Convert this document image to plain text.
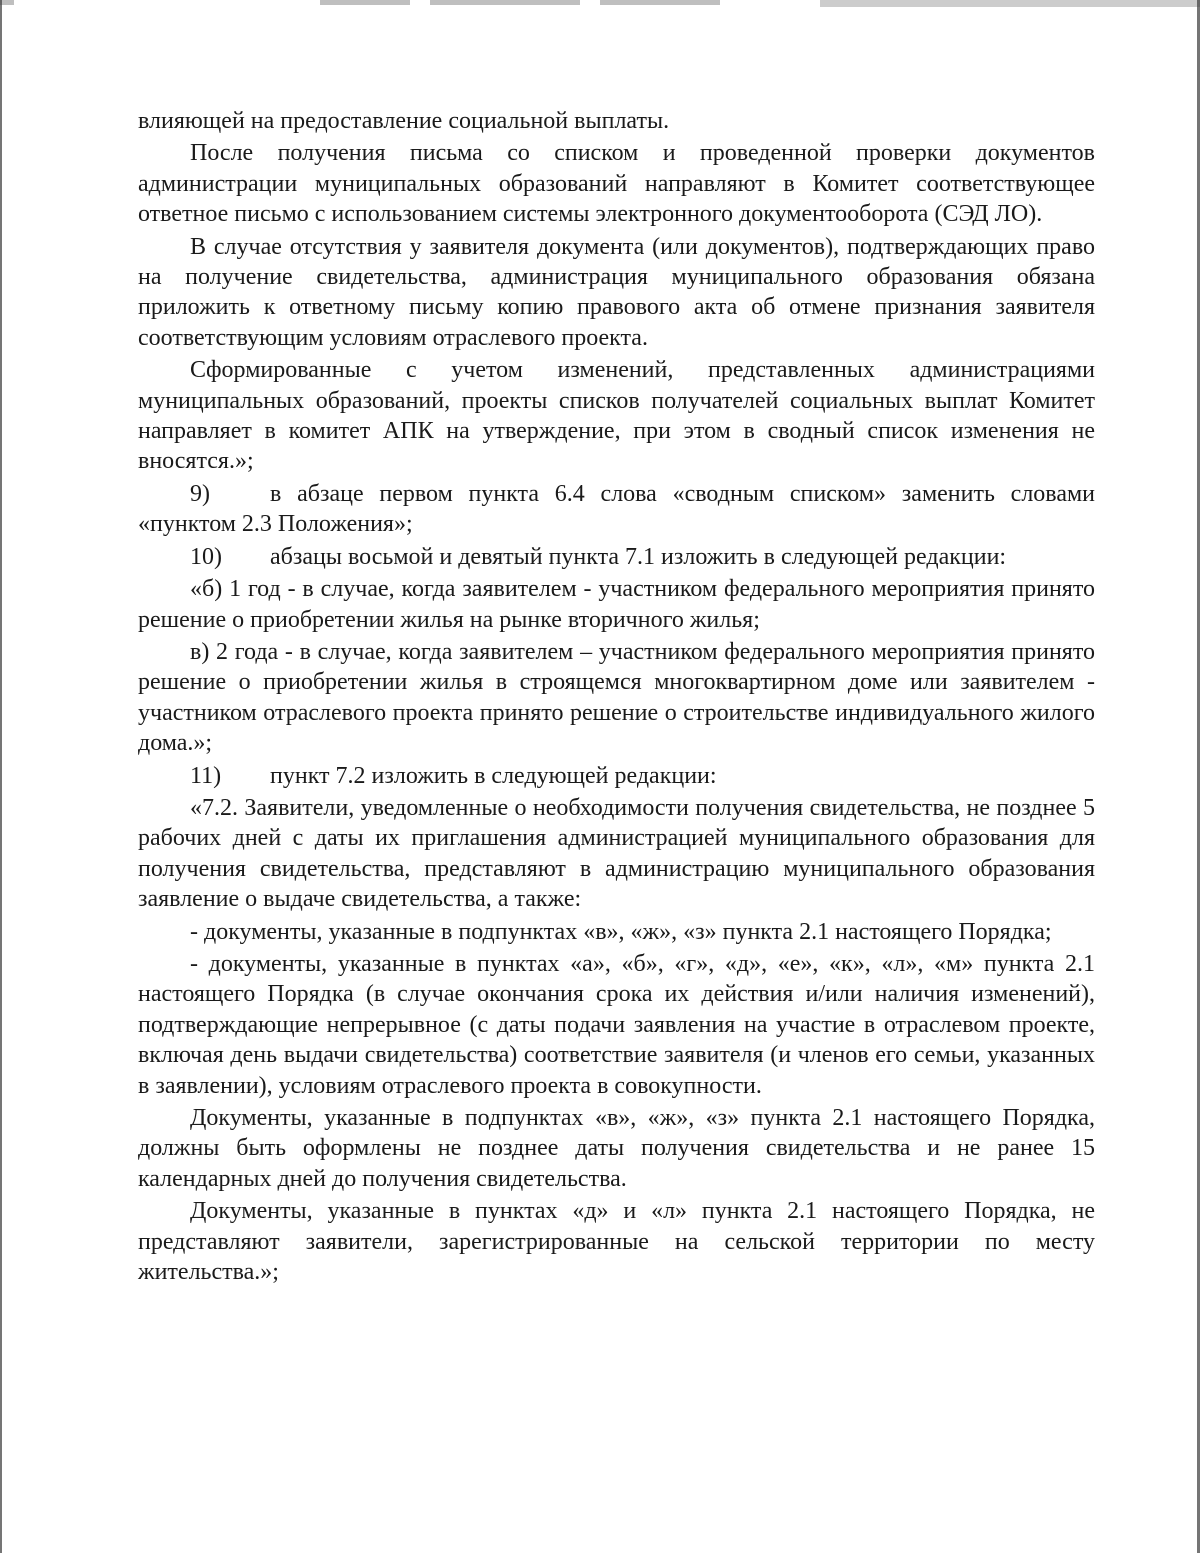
влияющей на предоставление социальной выплаты.

После получения письма со списком и проведенной проверки документов администрации муниципальных образований направляют в Комитет соответствующее ответное письмо с использованием системы электронного документооборота (СЭД ЛО).

В случае отсутствия у заявителя документа (или документов), подтверждающих право на получение свидетельства, администрация муниципального образования обязана приложить к ответному письму копию правового акта об отмене признания заявителя соответствующим условиям отраслевого проекта.

Сформированные с учетом изменений, представленных администрациями муниципальных образований, проекты списков получателей социальных выплат Комитет направляет в комитет АПК на утверждение, при этом в сводный список изменения не вносятся.»;

9)	в абзаце первом пункта 6.4 слова «сводным списком» заменить словами «пунктом 2.3 Положения»;

10) абзацы восьмой и девятый пункта 7.1 изложить в следующей редакции:

«б) 1 год - в случае, когда заявителем - участником федерального мероприятия принято решение о приобретении жилья на рынке вторичного жилья;

в) 2 года - в случае, когда заявителем – участником федерального мероприятия принято решение о приобретении жилья в строящемся многоквартирном доме или заявителем - участником отраслевого проекта принято решение о строительстве индивидуального жилого дома.»;

11) пункт 7.2 изложить в следующей редакции:

«7.2. Заявители, уведомленные о необходимости получения свидетельства, не позднее 5 рабочих дней с даты их приглашения администрацией муниципального образования для получения свидетельства, представляют в администрацию муниципального образования заявление о выдаче свидетельства, а также:

- документы, указанные в подпунктах «в», «ж», «з» пункта 2.1 настоящего Порядка;

- документы, указанные в пунктах «а», «б», «г», «д», «е», «к», «л», «м» пункта 2.1 настоящего Порядка (в случае окончания срока их действия и/или наличия изменений), подтверждающие непрерывное (с даты подачи заявления на участие в отраслевом проекте, включая день выдачи свидетельства) соответствие заявителя (и членов его семьи, указанных в заявлении), условиям отраслевого проекта в совокупности.

Документы, указанные в подпунктах «в», «ж», «з» пункта 2.1 настоящего Порядка, должны быть оформлены не позднее даты получения свидетельства и не ранее 15 календарных дней до получения свидетельства.

Документы, указанные в пунктах «д» и «л» пункта 2.1 настоящего Порядка, не представляют заявители, зарегистрированные на сельской территории по месту жительства.»;
